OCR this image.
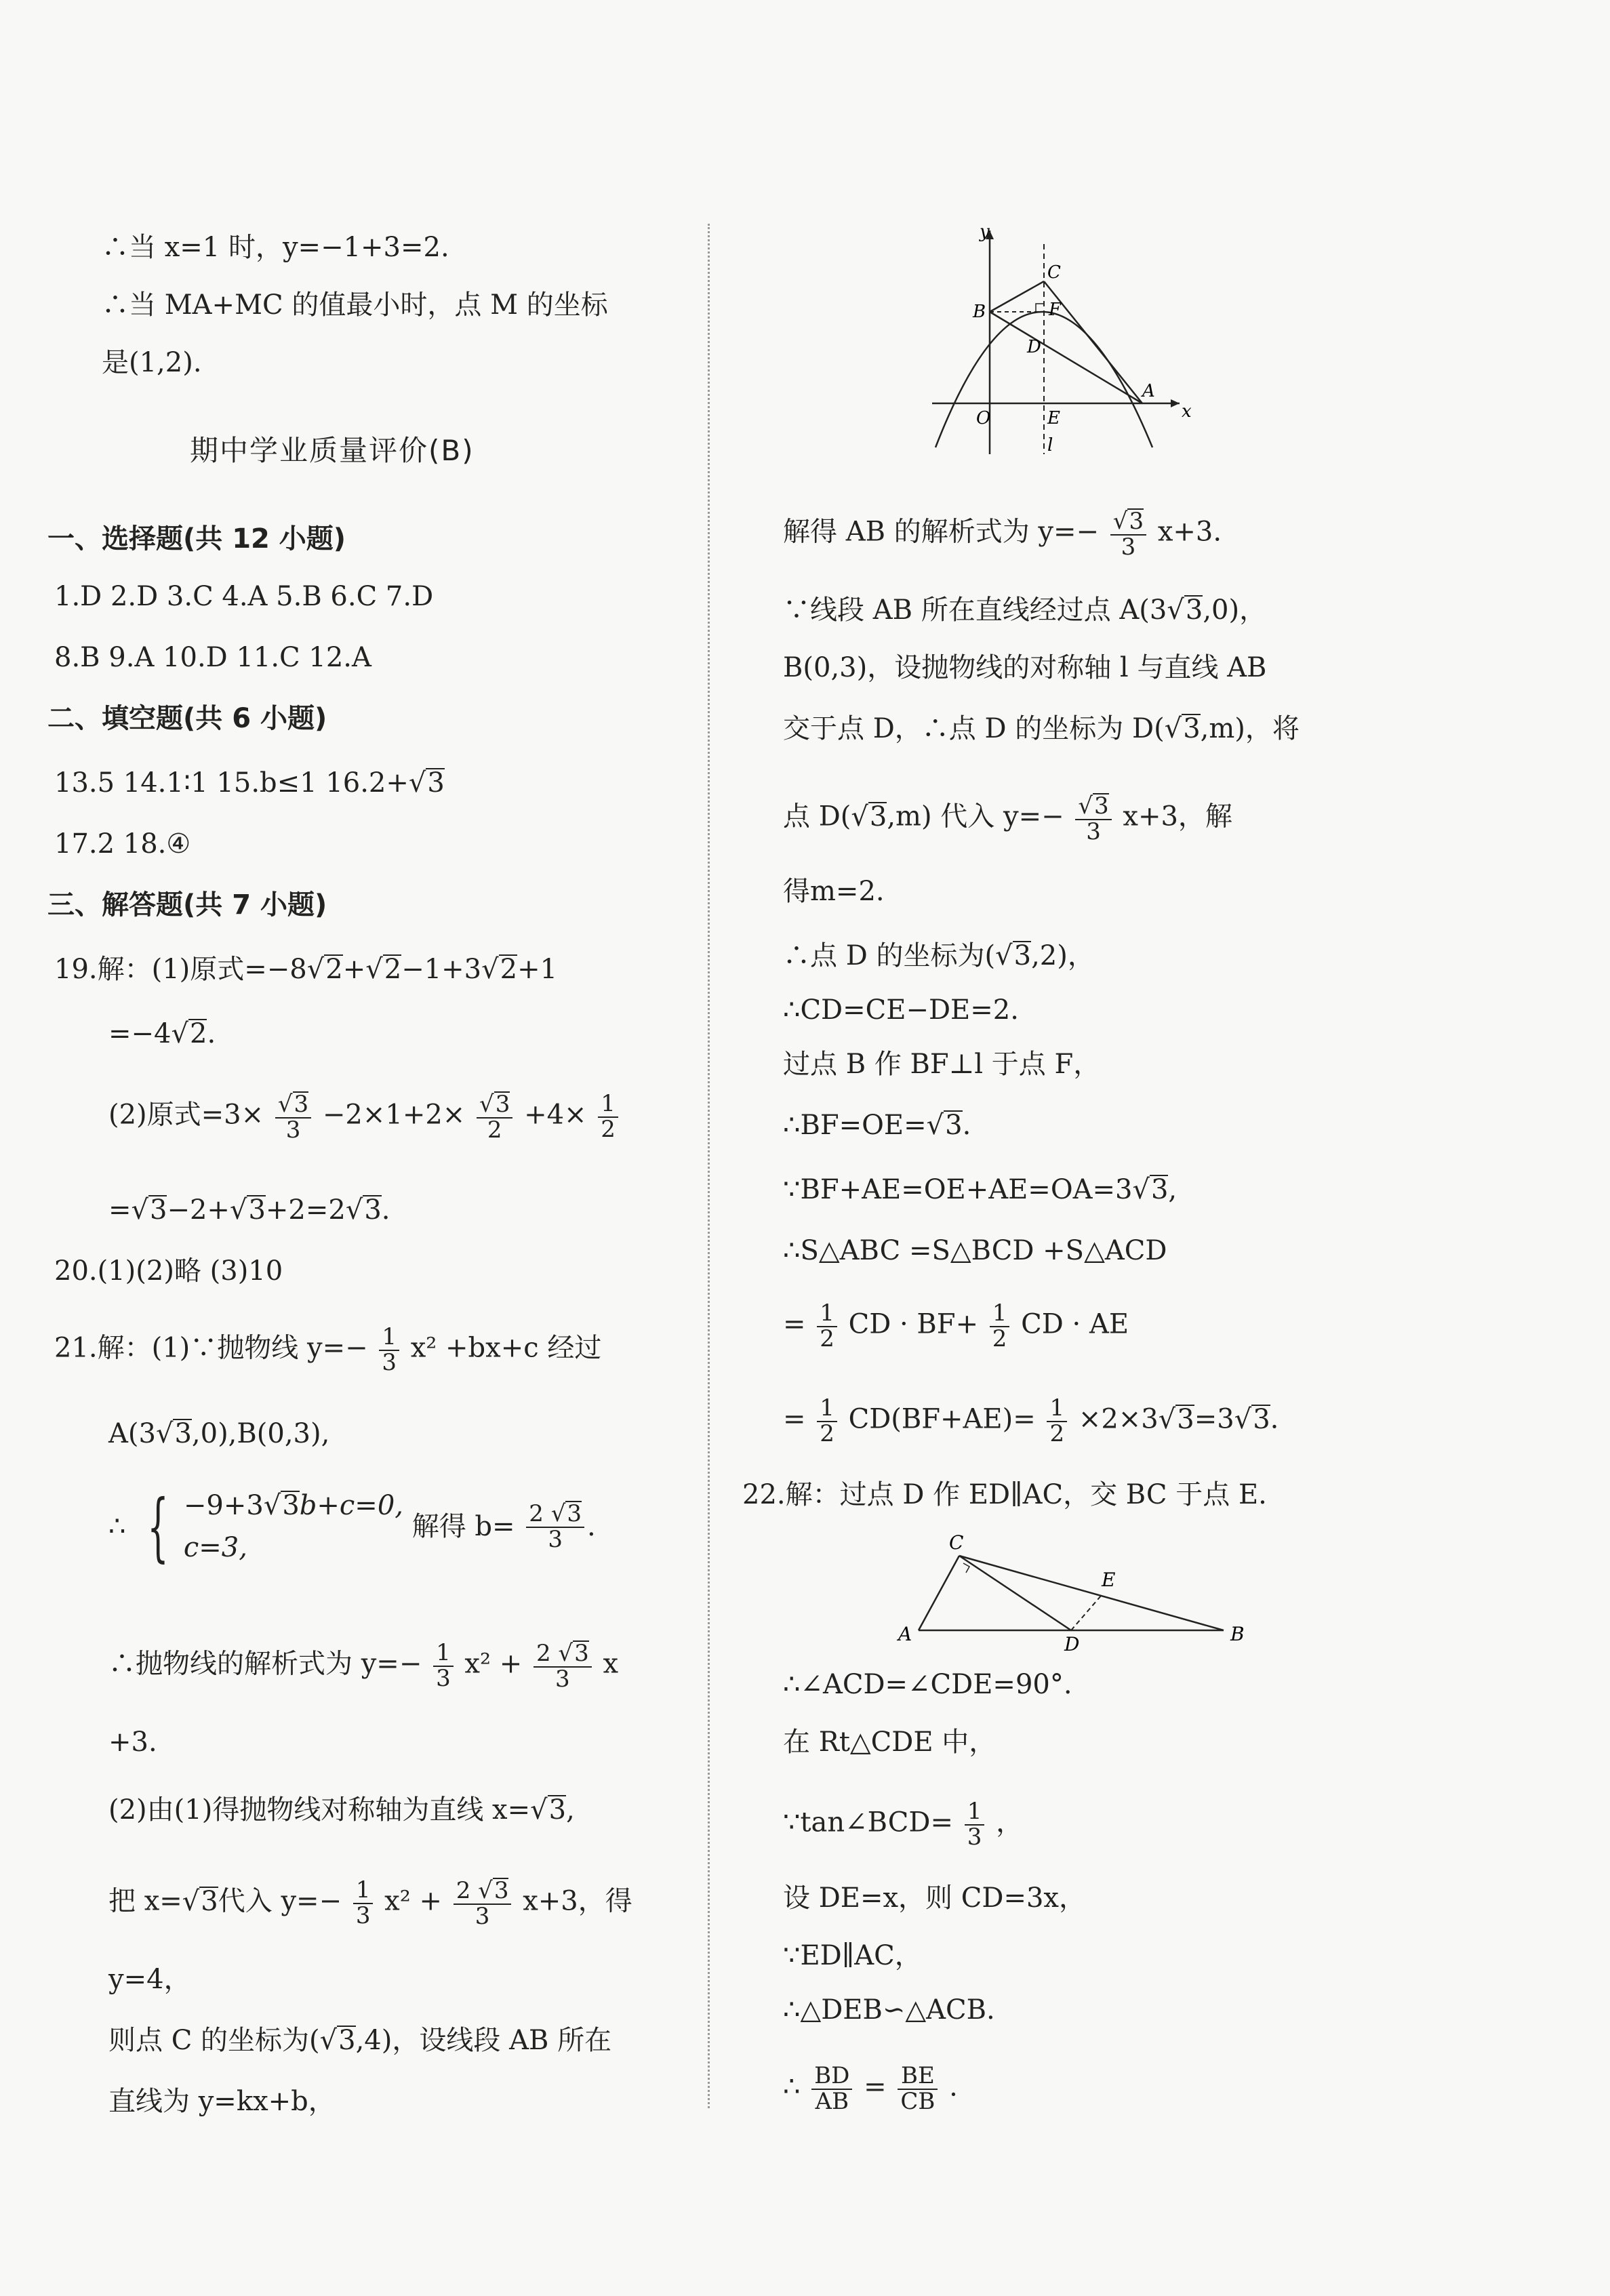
∴当 x=1 时，y=−1+3=2.
∴当 MA+MC 的值最小时，点 M 的坐标
是(1,2).
期中学业质量评价(B)
一、选择题(共 12 小题)
1.D 2.D 3.C 4.A 5.B 6.C 7.D
8.B 9.A 10.D 11.C 12.A
二、填空题(共 6 小题)
13.5 14.1∶1 15.b≤1 16.2+√ 3
17.2 18.④
三、解答题(共 7 小题)
19.解：(1)原式=−8√ 2+√ 2−1+3√ 2+1
=−4√ 2.
(2)原式=3×
√ $\frac{3}{3} -2\times 1+2\times$
√ $\frac{3}{2} +4\times \frac{1}{2}$
=√ 3−2+√ 3+2=2√ 3.
20.(1)(2)略 (3)10
21.解：(1)∵抛物线 $y=- \frac{1}{3} x^2 +bx+c$ 经过
A(3√ 3,0),B(0,3),
∴ { −9+3√ 3b+c=0,
c=3,
解得 $b= \frac{2 √ 3}{3}$ .
∴抛物线的解析式为 $y=- \frac{1}{3} x^2 + \frac{2 √ 3}{3}$ x
+3.
(2)由(1)得抛物线对称轴为直线 x=√ 3,
把 x=√ 3代入 $y=- \frac{1}{3} x^2 + \frac{2 √ 3}{3} x+3$，得
y=4，
则点 C 的坐标为(√ 3,4)，设线段 AB 所在
直线为 y=kx+b，
y
C
B	F
D
A
O	E	x
l
解得 AB 的解析式为 y=−
√ $\frac{3}{3} x+3$.
∵线段 AB 所在直线经过点 A(3√ 3,0)，
B(0,3)，设抛物线的对称轴 l 与直线 AB
交于点 D，∴点 D 的坐标为 D(√ 3,m)，将
点 D(√ 3,m) 代入 y=−
√ $\frac{3}{3} x+3$，解
得m=2.
∴点 D 的坐标为(√ 3,2)，
∴CD=CE−DE=2.
过点 B 作 BF⊥l 于点 F，
∴BF=OE=√ 3.
∵BF+AE=OE+AE=OA=3√ 3,
∴S△ABC =S△BCD +S△ACD
= $\frac{1}{2}$ CD · $BF+ \frac{1}{2}$ CD · AE
= $\frac{1}{2} CD(BF+AE)= \frac{1}{2} \times 2\times 3√$ 3=3√ 3.
22.解：过点 D 作 ED∥AC，交 BC 于点 E.
C
E
A	D	B
∴∠ACD=∠CDE=90°.
在 Rt△CDE 中，
∵tan∠BCD= $\frac{1}{3}$ ，
设 DE=x，则 CD=3x，
∵ED∥AC，
∴△DEB∽△ACB.
∴ $\frac{BD}{AB} = \frac{BE}{CB}$ .
